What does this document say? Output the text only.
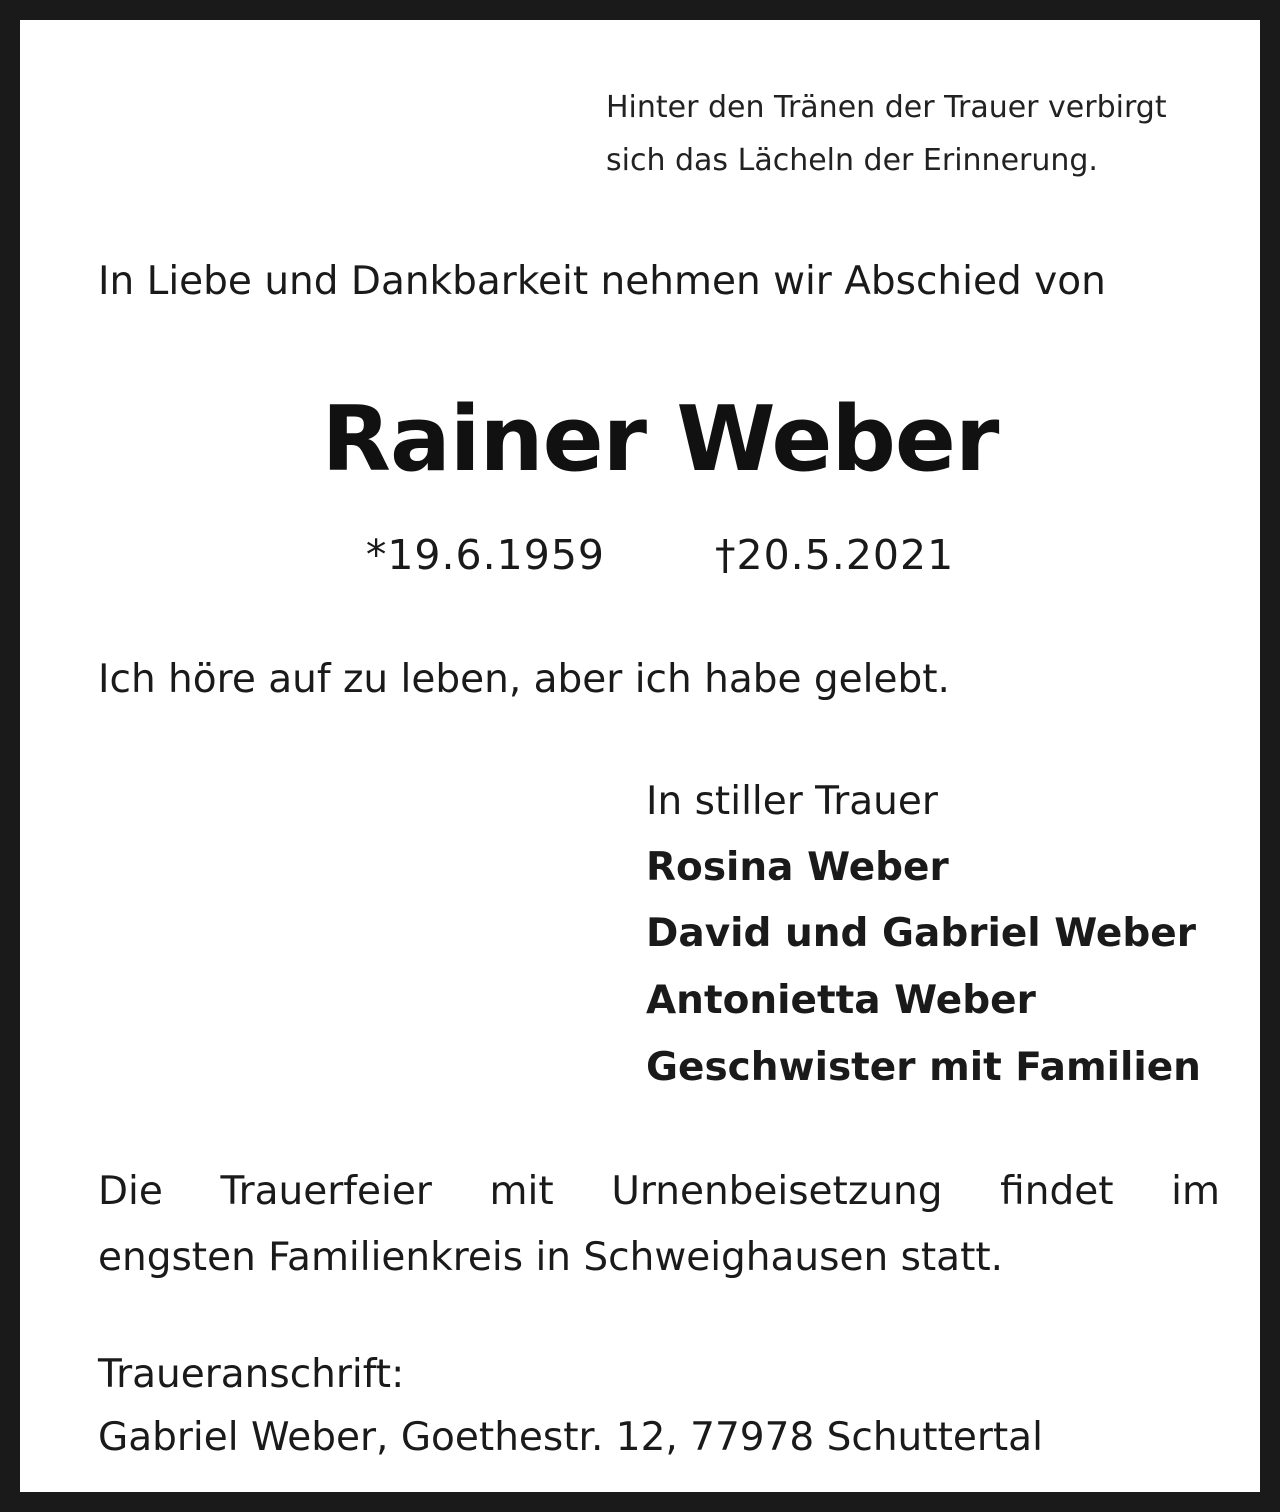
Hinter den Tränen der Trauer verbirgt
sich das Lächeln der Erinnerung.
In Liebe und Dankbarkeit nehmen wir Abschied von
Rainer Weber
*19.6.1959	†20.5.2021
Ich höre auf zu leben, aber ich habe gelebt.
In stiller Trauer
Rosina Weber
David und Gabriel Weber
Antonietta Weber
Geschwister mit Familien
Die Trauerfeier mit Urnenbeisetzung findet im
engsten Familienkreis in Schweighausen statt.
Traueranschrift:
Gabriel Weber, Goethestr. 12, 77978 Schuttertal
